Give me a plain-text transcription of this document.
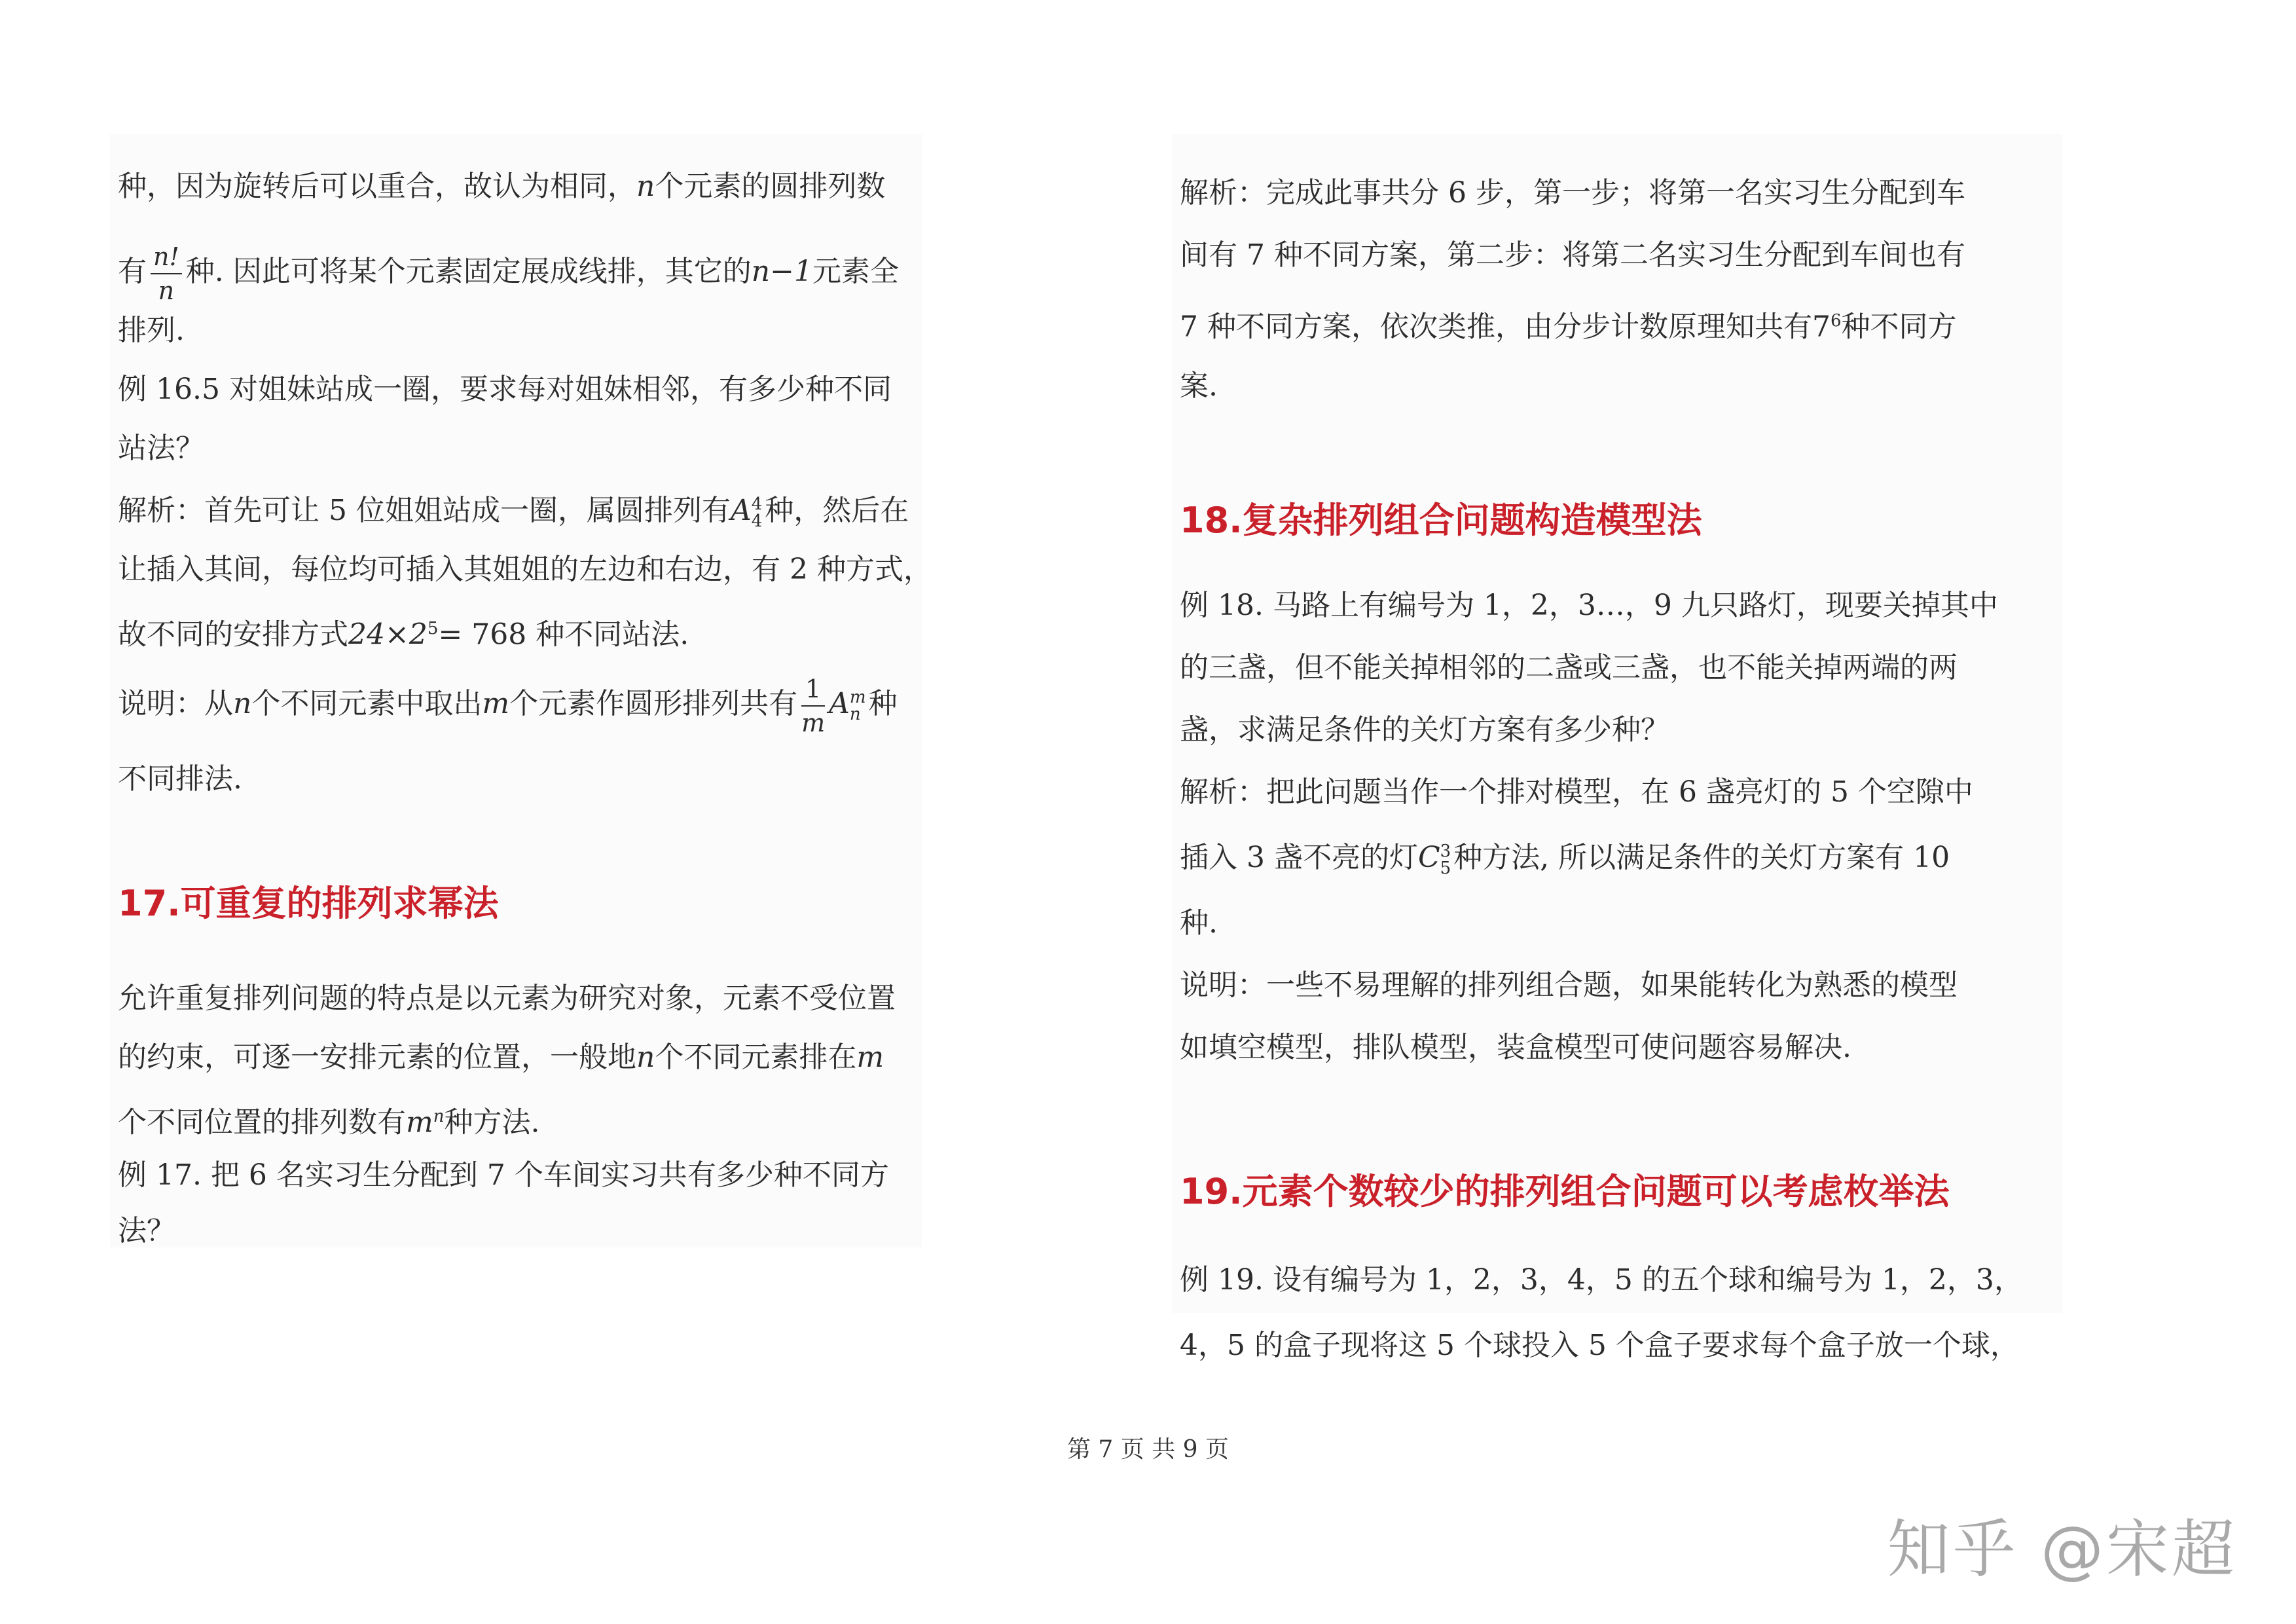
种，因为旋转后可以重合，故认为相同，n个元素的圆排列数
有 $\frac{n!}{n}$ 种. 因此可将某个元素固定展成线排，其它的n−1元素全
排列.
例 16.5 对姐妹站成一圈，要求每对姐妹相邻，有多少种不同
站法？
解析：首先可让 5 位姐姐站成一圈，属圆排列有A 4
4 种，然后在
让插入其间，每位均可插入其姐姐的左边和右边，有 2 种方式，
故不同的安排方式$24\times 2^5= 768$ 种不同站法.
说明：从n个不同元素中取出m个元素作圆形排列共有 $\frac{1}{m}$ A m
n 种
不同排法.
17.可重复的排列求幂法
允许重复排列问题的特点是以元素为研究对象，元素不受位置
的约束，可逐一安排元素的位置，一般地n个不同元素排在m
个不同位置的排列数有$m^n$种方法.
例 17. 把 6 名实习生分配到 7 个车间实习共有多少种不同方
法？
解析：完成此事共分 6 步，第一步；将第一名实习生分配到车
间有 7 种不同方案，第二步：将第二名实习生分配到车间也有
7 种不同方案，依次类推，由分步计数原理知共有$7^6$种不同方
案.
18.复杂排列组合问题构造模型法
例 18. 马路上有编号为 1，2，3…，9 九只路灯，现要关掉其中
的三盏，但不能关掉相邻的二盏或三盏，也不能关掉两端的两
盏，求满足条件的关灯方案有多少种？
解析：把此问题当作一个排对模型，在 6 盏亮灯的 5 个空隙中
插入 3 盏不亮的灯C 3
5 种方法, 所以满足条件的关灯方案有 10
种.
说明：一些不易理解的排列组合题，如果能转化为熟悉的模型
如填空模型，排队模型，装盒模型可使问题容易解决.
19.元素个数较少的排列组合问题可以考虑枚举法
例 19. 设有编号为 1，2，3，4，5 的五个球和编号为 1，2，3，
4，5 的盒子现将这 5 个球投入 5 个盒子要求每个盒子放一个球，
第 7 页 共 9 页
知乎 @宋超
